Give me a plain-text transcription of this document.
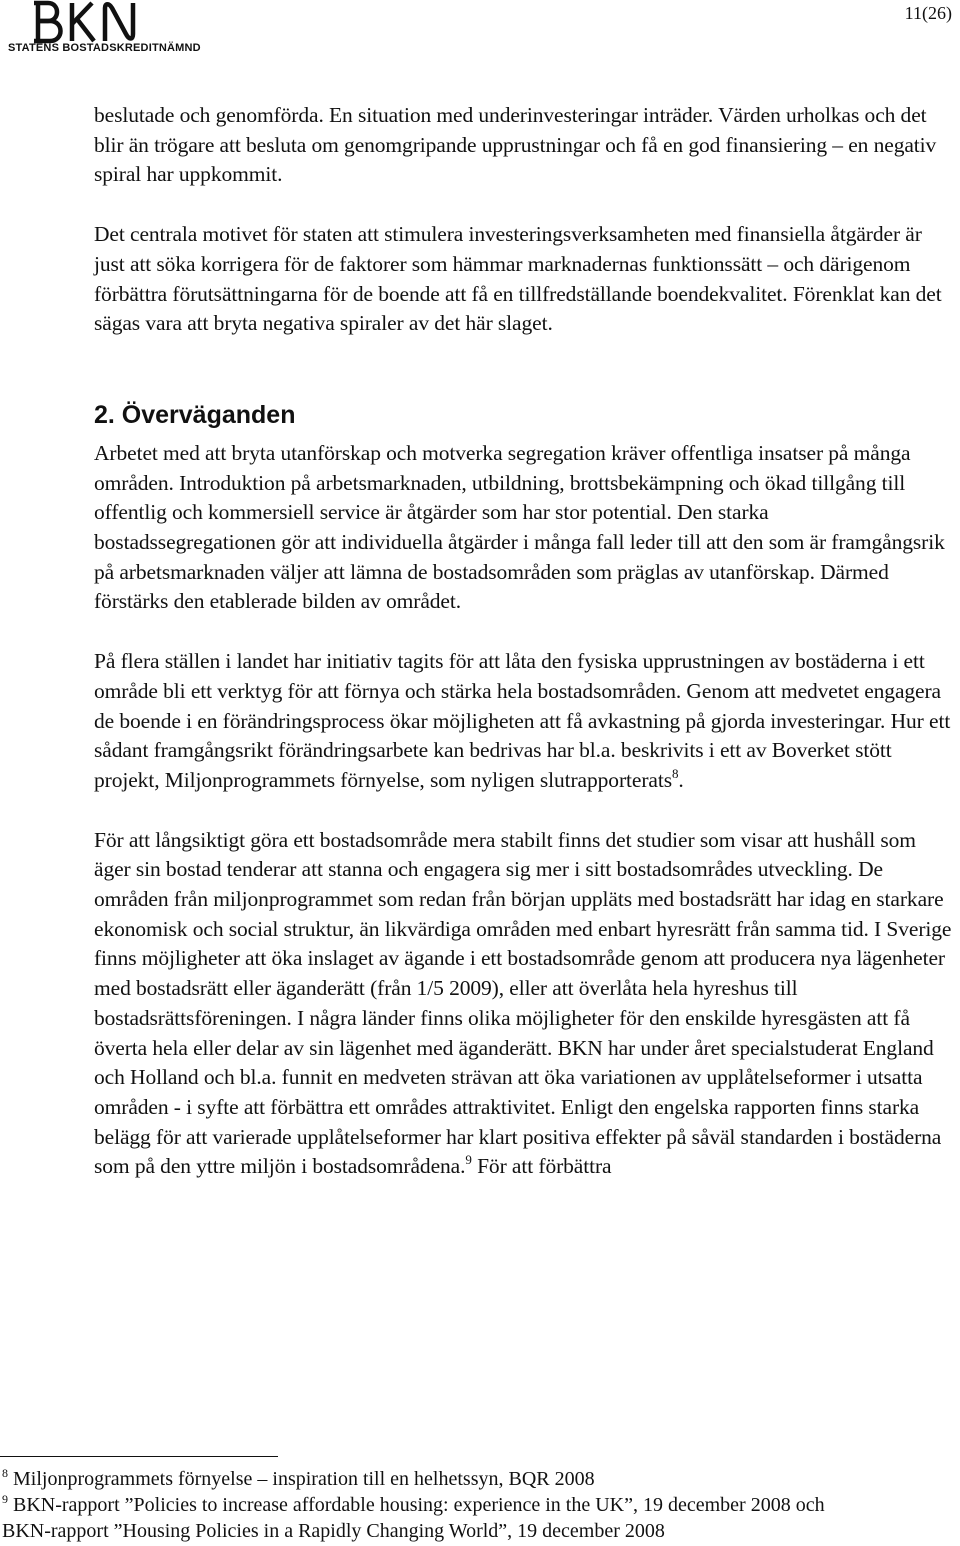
STATENS BOSTADSKREDITNÄMND
11(26)

beslutade och genomförda. En situation med underinvesteringar inträder. Värden urholkas och det blir än trögare att besluta om genomgripande upprustningar och få en god finansiering – en negativ spiral har uppkommit.

Det centrala motivet för staten att stimulera investeringsverksamheten med finansiella åtgärder är just att söka korrigera för de faktorer som hämmar marknadernas funktionssätt – och därigenom förbättra förutsättningarna för de boende att få en tillfredställande boendekvalitet. Förenklat kan det sägas vara att bryta negativa spiraler av det här slaget.

2. Överväganden

Arbetet med att bryta utanförskap och motverka segregation kräver offentliga insatser på många områden. Introduktion på arbetsmarknaden, utbildning, brottsbekämpning och ökad tillgång till offentlig och kommersiell service är åtgärder som har stor potential. Den starka bostadssegregationen gör att individuella åtgärder i många fall leder till att den som är framgångsrik på arbetsmarknaden väljer att lämna de bostadsområden som präglas av utanförskap. Därmed förstärks den etablerade bilden av området.

På flera ställen i landet har initiativ tagits för att låta den fysiska upprustningen av bostäderna i ett område bli ett verktyg för att förnya och stärka hela bostadsområden. Genom att medvetet engagera de boende i en förändringsprocess ökar möjligheten att få avkastning på gjorda investeringar. Hur ett sådant framgångsrikt förändringsarbete kan bedrivas har bl.a. beskrivits i ett av Boverket stött projekt, Miljonprogrammets förnyelse, som nyligen slutrapporterats$^8$.

För att långsiktigt göra ett bostadsområde mera stabilt finns det studier som visar att hushåll som äger sin bostad tenderar att stanna och engagera sig mer i sitt bostadsområdes utveckling. De områden från miljonprogrammet som redan från början uppläts med bostadsrätt har idag en starkare ekonomisk och social struktur, än likvärdiga områden med enbart hyresrätt från samma tid. I Sverige finns möjligheter att öka inslaget av ägande i ett bostadsområde genom att producera nya lägenheter med bostadsrätt eller äganderätt (från 1/5 2009), eller att överlåta hela hyreshus till bostadsrättsföreningen. I några länder finns olika möjligheter för den enskilde hyresgästen att få överta hela eller delar av sin lägenhet med äganderätt. BKN har under året specialstuderat England och Holland och bl.a. funnit en medveten strävan att öka variationen av upplåtelseformer i utsatta områden - i syfte att förbättra ett områdes attraktivitet. Enligt den engelska rapporten finns starka belägg för att varierade upplåtelseformer har klart positiva effekter på såväl standarden i bostäderna som på den yttre miljön i bostadsområdena.$^9$ För att förbättra

$^8$ Miljonprogrammets förnyelse – inspiration till en helhetssyn, BQR 2008
$^9$ BKN-rapport ”Policies to increase affordable housing: experience in the UK”, 19 december 2008 och
BKN-rapport ”Housing Policies in a Rapidly Changing World”, 19 december 2008
